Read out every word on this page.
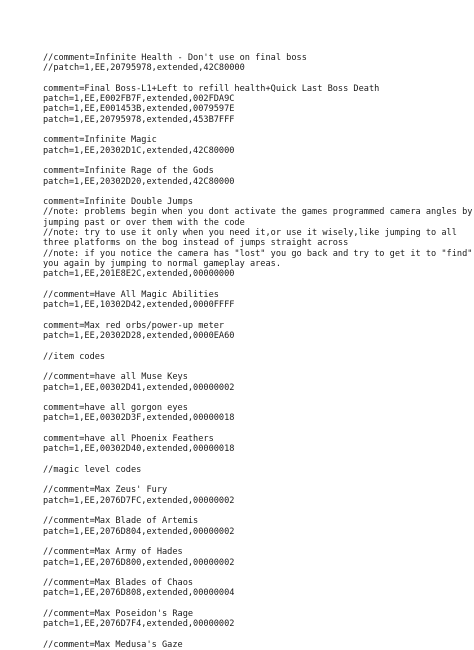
//comment=Infinite Health - Don't use on final boss
//patch=1,EE,20795978,extended,42C80000
comment=Final Boss-L1+Left to refill health+Quick Last Boss Death
patch=1,EE,E002FB7F,extended,002FDA9C
patch=1,EE,E001453B,extended,0079597E
patch=1,EE,20795978,extended,453B7FFF
comment=Infinite Magic
patch=1,EE,20302D1C,extended,42C80000
comment=Infinite Rage of the Gods
patch=1,EE,20302D20,extended,42C80000
comment=Infinite Double Jumps
//note: problems begin when you dont activate the games programmed camera angles by
jumping past or over them with the code
//note: try to use it only when you need it,or use it wisely,like jumping to all
three platforms on the bog instead of jumps straight across
//note: if you notice the camera has "lost" you go back and try to get it to "find"
you again by jumping to normal gameplay areas.
patch=1,EE,201E8E2C,extended,00000000
//comment=Have All Magic Abilities
patch=1,EE,10302D42,extended,0000FFFF
comment=Max red orbs/power-up meter
patch=1,EE,20302D28,extended,0000EA60
//item codes
//comment=have all Muse Keys
patch=1,EE,00302D41,extended,00000002
comment=have all gorgon eyes
patch=1,EE,00302D3F,extended,00000018
comment=have all Phoenix Feathers
patch=1,EE,00302D40,extended,00000018
//magic level codes
//comment=Max Zeus' Fury
patch=1,EE,2076D7FC,extended,00000002
//comment=Max Blade of Artemis
patch=1,EE,2076D804,extended,00000002
//comment=Max Army of Hades
patch=1,EE,2076D800,extended,00000002
//comment=Max Blades of Chaos
patch=1,EE,2076D808,extended,00000004
//comment=Max Poseidon's Rage
patch=1,EE,2076D7F4,extended,00000002
//comment=Max Medusa's Gaze
